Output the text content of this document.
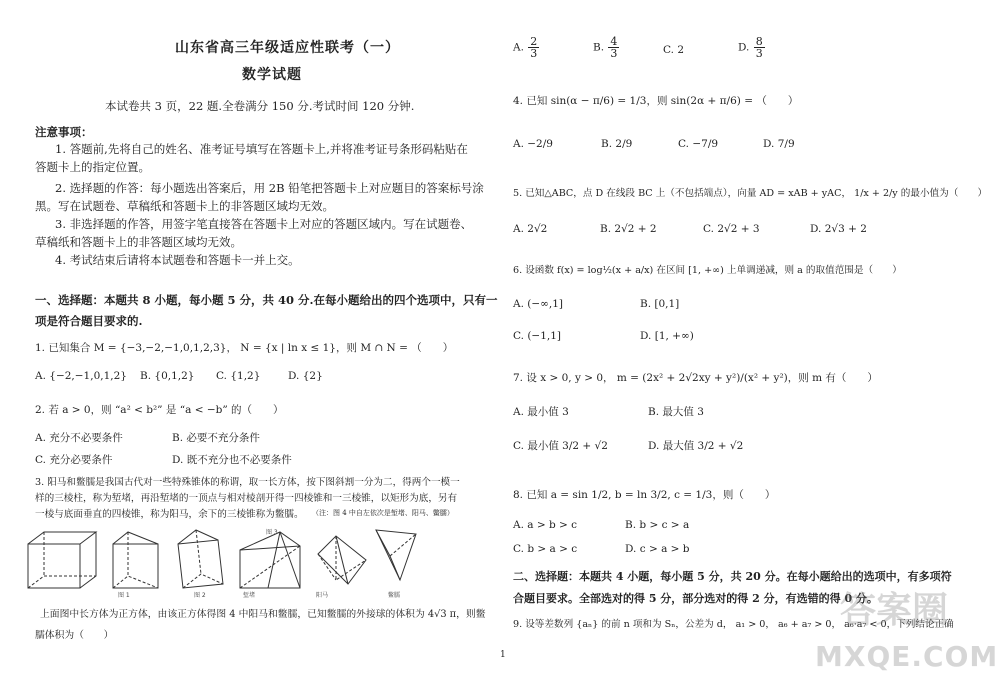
山东省高三年级适应性联考（一）
数学试题
本试卷共 3 页，22 题.全卷满分 150 分.考试时间 120 分钟.
注意事项：
1. 答题前,先将自己的姓名、准考证号填写在答题卡上,并将准考证号条形码粘贴在
答题卡上的指定位置。
2. 选择题的作答：每小题选出答案后，用 2B 铅笔把答题卡上对应题目的答案标号涂
黑。写在试题卷、草稿纸和答题卡上的非答题区域均无效。
3. 非选择题的作答，用签字笔直接答在答题卡上对应的答题区域内。写在试题卷、
草稿纸和答题卡上的非答题区域均无效。
4. 考试结束后请将本试题卷和答题卡一并上交。
一、选择题：本题共 8 小题，每小题 5 分，共 40 分.在每小题给出的四个选项中，只有一
项是符合题目要求的.
1. 已知集合 M = {−3,−2,−1,0,1,2,3}， N = {x | ln x ≤ 1}，则 M ∩ N = （　　）
A. {−2,−1,0,1,2} B. {0,1,2} C. {1,2}	D. {2}
2. 若 a > 0，则 “a² < b²” 是 “a < −b” 的（　　）
A. 充分不必要条件	B. 必要不充分条件
C. 充分必要条件	D. 既不充分也不必要条件
3. 阳马和鳖臑是我国古代对一些特殊锥体的称谓，取一长方体，按下图斜割一分为二，得两个一模一
样的三棱柱，称为堑堵，再沿堑堵的一顶点与相对棱剖开得一四棱锥和一三棱锥，以矩形为底，另有
一棱与底面垂直的四棱锥，称为阳马，余下的三棱锥称为鳖臑。 （注：图 4 中自左依次是堑堵、阳马、鳖臑）
图 1	图 2	堑堵	阳马	鳖臑
图 3
上面图中长方体为正方体，由该正方体得图 4 中阳马和鳖臑，已知鳖臑的外接球的体积为 4√3 π，则鳖
臑体积为（　　）
1
A. $\frac{2}{3}$	B. $\frac{4}{3}$	C. 2	D. $\frac{8}{3}$
4. 已知 sin(α − π/6) = 1/3，则 sin(2α + π/6) = （　　）
A. −2/9	B. 2/9	C. −7/9	D. 7/9
5. 已知△ABC，点 D 在线段 BC 上（不包括端点），向量 AD = xAB + yAC， 1/x + 2/y 的最小值为（　　）
A. 2√2	B. 2√2 + 2	C. 2√2 + 3	D. 2√3 + 2
6. 设函数 f(x) = log½(x + a/x) 在区间 [1, +∞) 上单调递减，则 a 的取值范围是（　　）
A. (−∞,1]	B. [0,1]
C. (−1,1]	D. [1, +∞)
7. 设 x > 0, y > 0， m = (2x² + 2√2xy + y²)/(x² + y²)，则 m 有（　　）
A. 最小值 3	B. 最大值 3
C. 最小值 3/2 + √2	D. 最大值 3/2 + √2
8. 已知 a = sin 1/2, b = ln 3/2, c = 1/3，则（　　）
A. a > b > c	B. b > c > a
C. b > a > c	D. c > a > b
二、选择题：本题共 4 小题，每小题 5 分，共 20 分。在每小题给出的选项中，有多项符
合题目要求。全部选对的得 5 分，部分选对的得 2 分，有选错的得 0 分。
9. 设等差数列 {aₙ} 的前 n 项和为 Sₙ，公差为 d， a₁ > 0， a₆ + a₇ > 0， a₆·a₇ < 0，下列结论正确
答案圈
MXQE.COM
